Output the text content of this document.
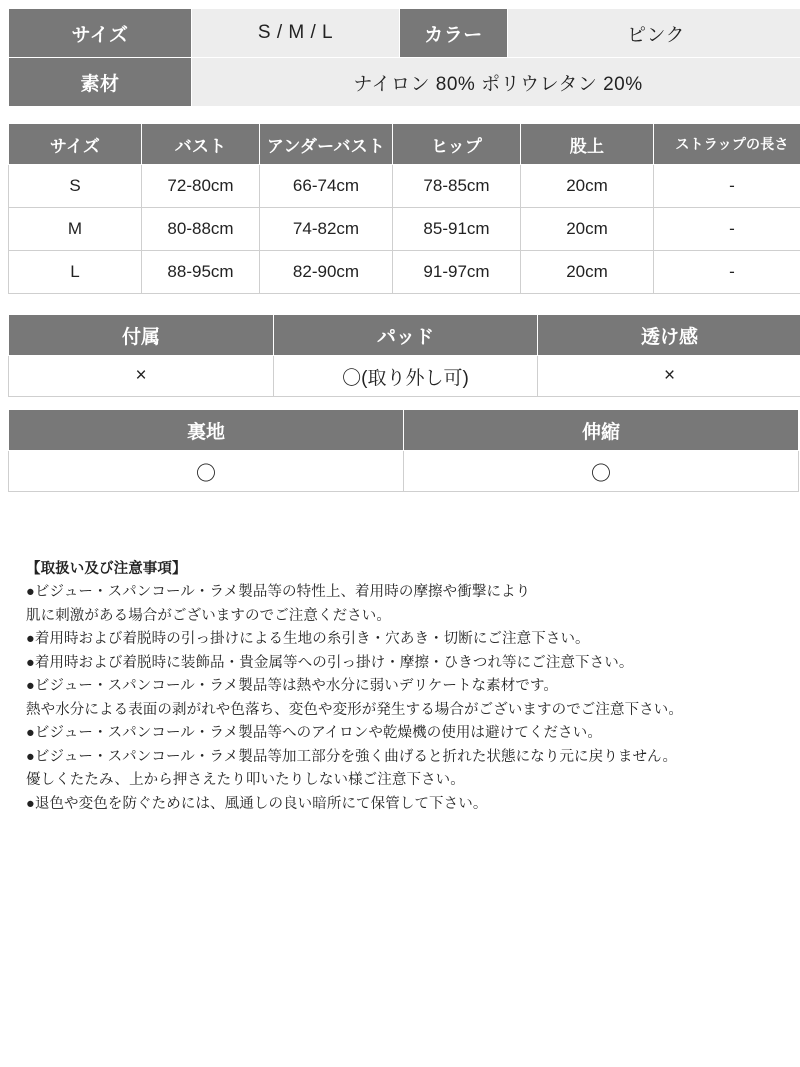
サイズ	S / M / L	カラー	ピンク
素材	ナイロン 80% ポリウレタン 20%		
サイズ	バスト	アンダーバスト	ヒップ	股上	ストラップの長さ
S	72-80cm	66-74cm	78-85cm	20cm	-
M	80-88cm	74-82cm	85-91cm	20cm	-
L	88-95cm	82-90cm	91-97cm	20cm	-
付属	パッド	透け感
×	〇(取り外し可)	×
裏地	伸縮
〇	〇
【取扱い及び注意事項】
●ビジュー・スパンコール・ラメ製品等の特性上、着用時の摩擦や衝撃により
肌に刺激がある場合がございますのでご注意ください。
●着用時および着脱時の引っ掛けによる生地の糸引き・穴あき・切断にご注意下さい。
●着用時および着脱時に装飾品・貴金属等への引っ掛け・摩擦・ひきつれ等にご注意下さい。
●ビジュー・スパンコール・ラメ製品等は熱や水分に弱いデリケートな素材です。
熱や水分による表面の剥がれや色落ち、変色や変形が発生する場合がございますのでご注意下さい。
●ビジュー・スパンコール・ラメ製品等へのアイロンや乾燥機の使用は避けてください。
●ビジュー・スパンコール・ラメ製品等加工部分を強く曲げると折れた状態になり元に戻りません。
優しくたたみ、上から押さえたり叩いたりしない様ご注意下さい。
●退色や変色を防ぐためには、風通しの良い暗所にて保管して下さい。
